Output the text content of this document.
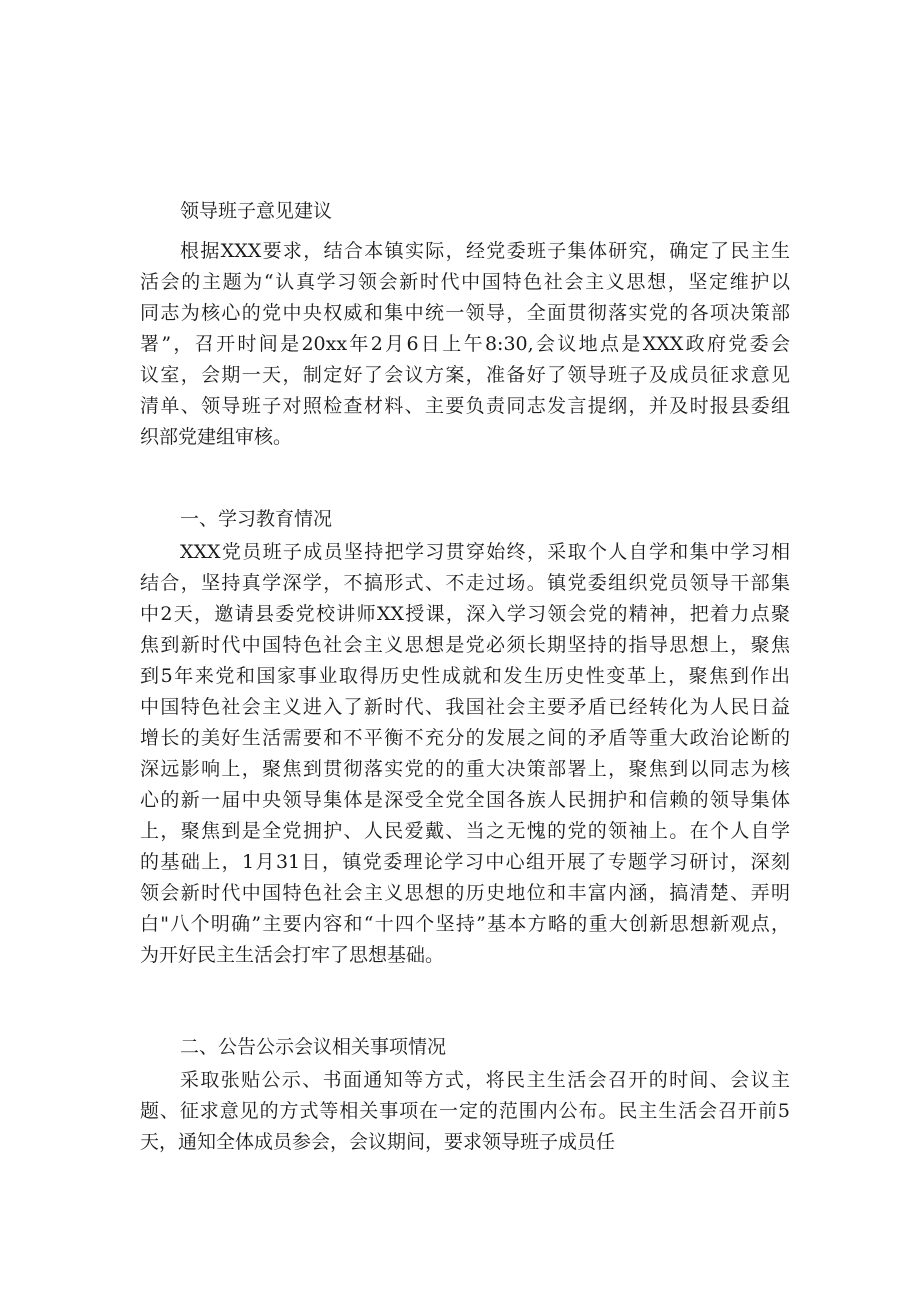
领导班子意见建议
根据XXX要求，结合本镇实际，经党委班子集体研究，确定了民主生
活会的主题为“认真学习领会新时代中国特色社会主义思想，坚定维护以
同志为核心的党中央权威和集中统一领导，全面贯彻落实党的各项决策部
署”，召开时间是20xx年2月6日上午8:30,会议地点是XXX政府党委会
议室，会期一天，制定好了会议方案，准备好了领导班子及成员征求意见
清单、领导班子对照检查材料、主要负责同志发言提纲，并及时报县委组
织部党建组审核。
一、学习教育情况
XXX党员班子成员坚持把学习贯穿始终，采取个人自学和集中学习相
结合，坚持真学深学，不搞形式、不走过场。镇党委组织党员领导干部集
中2天，邀请县委党校讲师XX授课，深入学习领会党的精神，把着力点聚
焦到新时代中国特色社会主义思想是党必须长期坚持的指导思想上，聚焦
到5年来党和国家事业取得历史性成就和发生历史性变革上，聚焦到作出
中国特色社会主义进入了新时代、我国社会主要矛盾已经转化为人民日益
增长的美好生活需要和不平衡不充分的发展之间的矛盾等重大政治论断的
深远影响上，聚焦到贯彻落实党的的重大决策部署上，聚焦到以同志为核
心的新一届中央领导集体是深受全党全国各族人民拥护和信赖的领导集体
上，聚焦到是全党拥护、人民爱戴、当之无愧的党的领袖上。在个人自学
的基础上，1月31日，镇党委理论学习中心组开展了专题学习研讨，深刻
领会新时代中国特色社会主义思想的历史地位和丰富内涵，搞清楚、弄明
白"八个明确”主要内容和“十四个坚持”基本方略的重大创新思想新观点，
为开好民主生活会打牢了思想基础。
二、公告公示会议相关事项情况
采取张贴公示、书面通知等方式，将民主生活会召开的时间、会议主
题、征求意见的方式等相关事项在一定的范围内公布。民主生活会召开前5
天，通知全体成员参会，会议期间，要求领导班子成员任
